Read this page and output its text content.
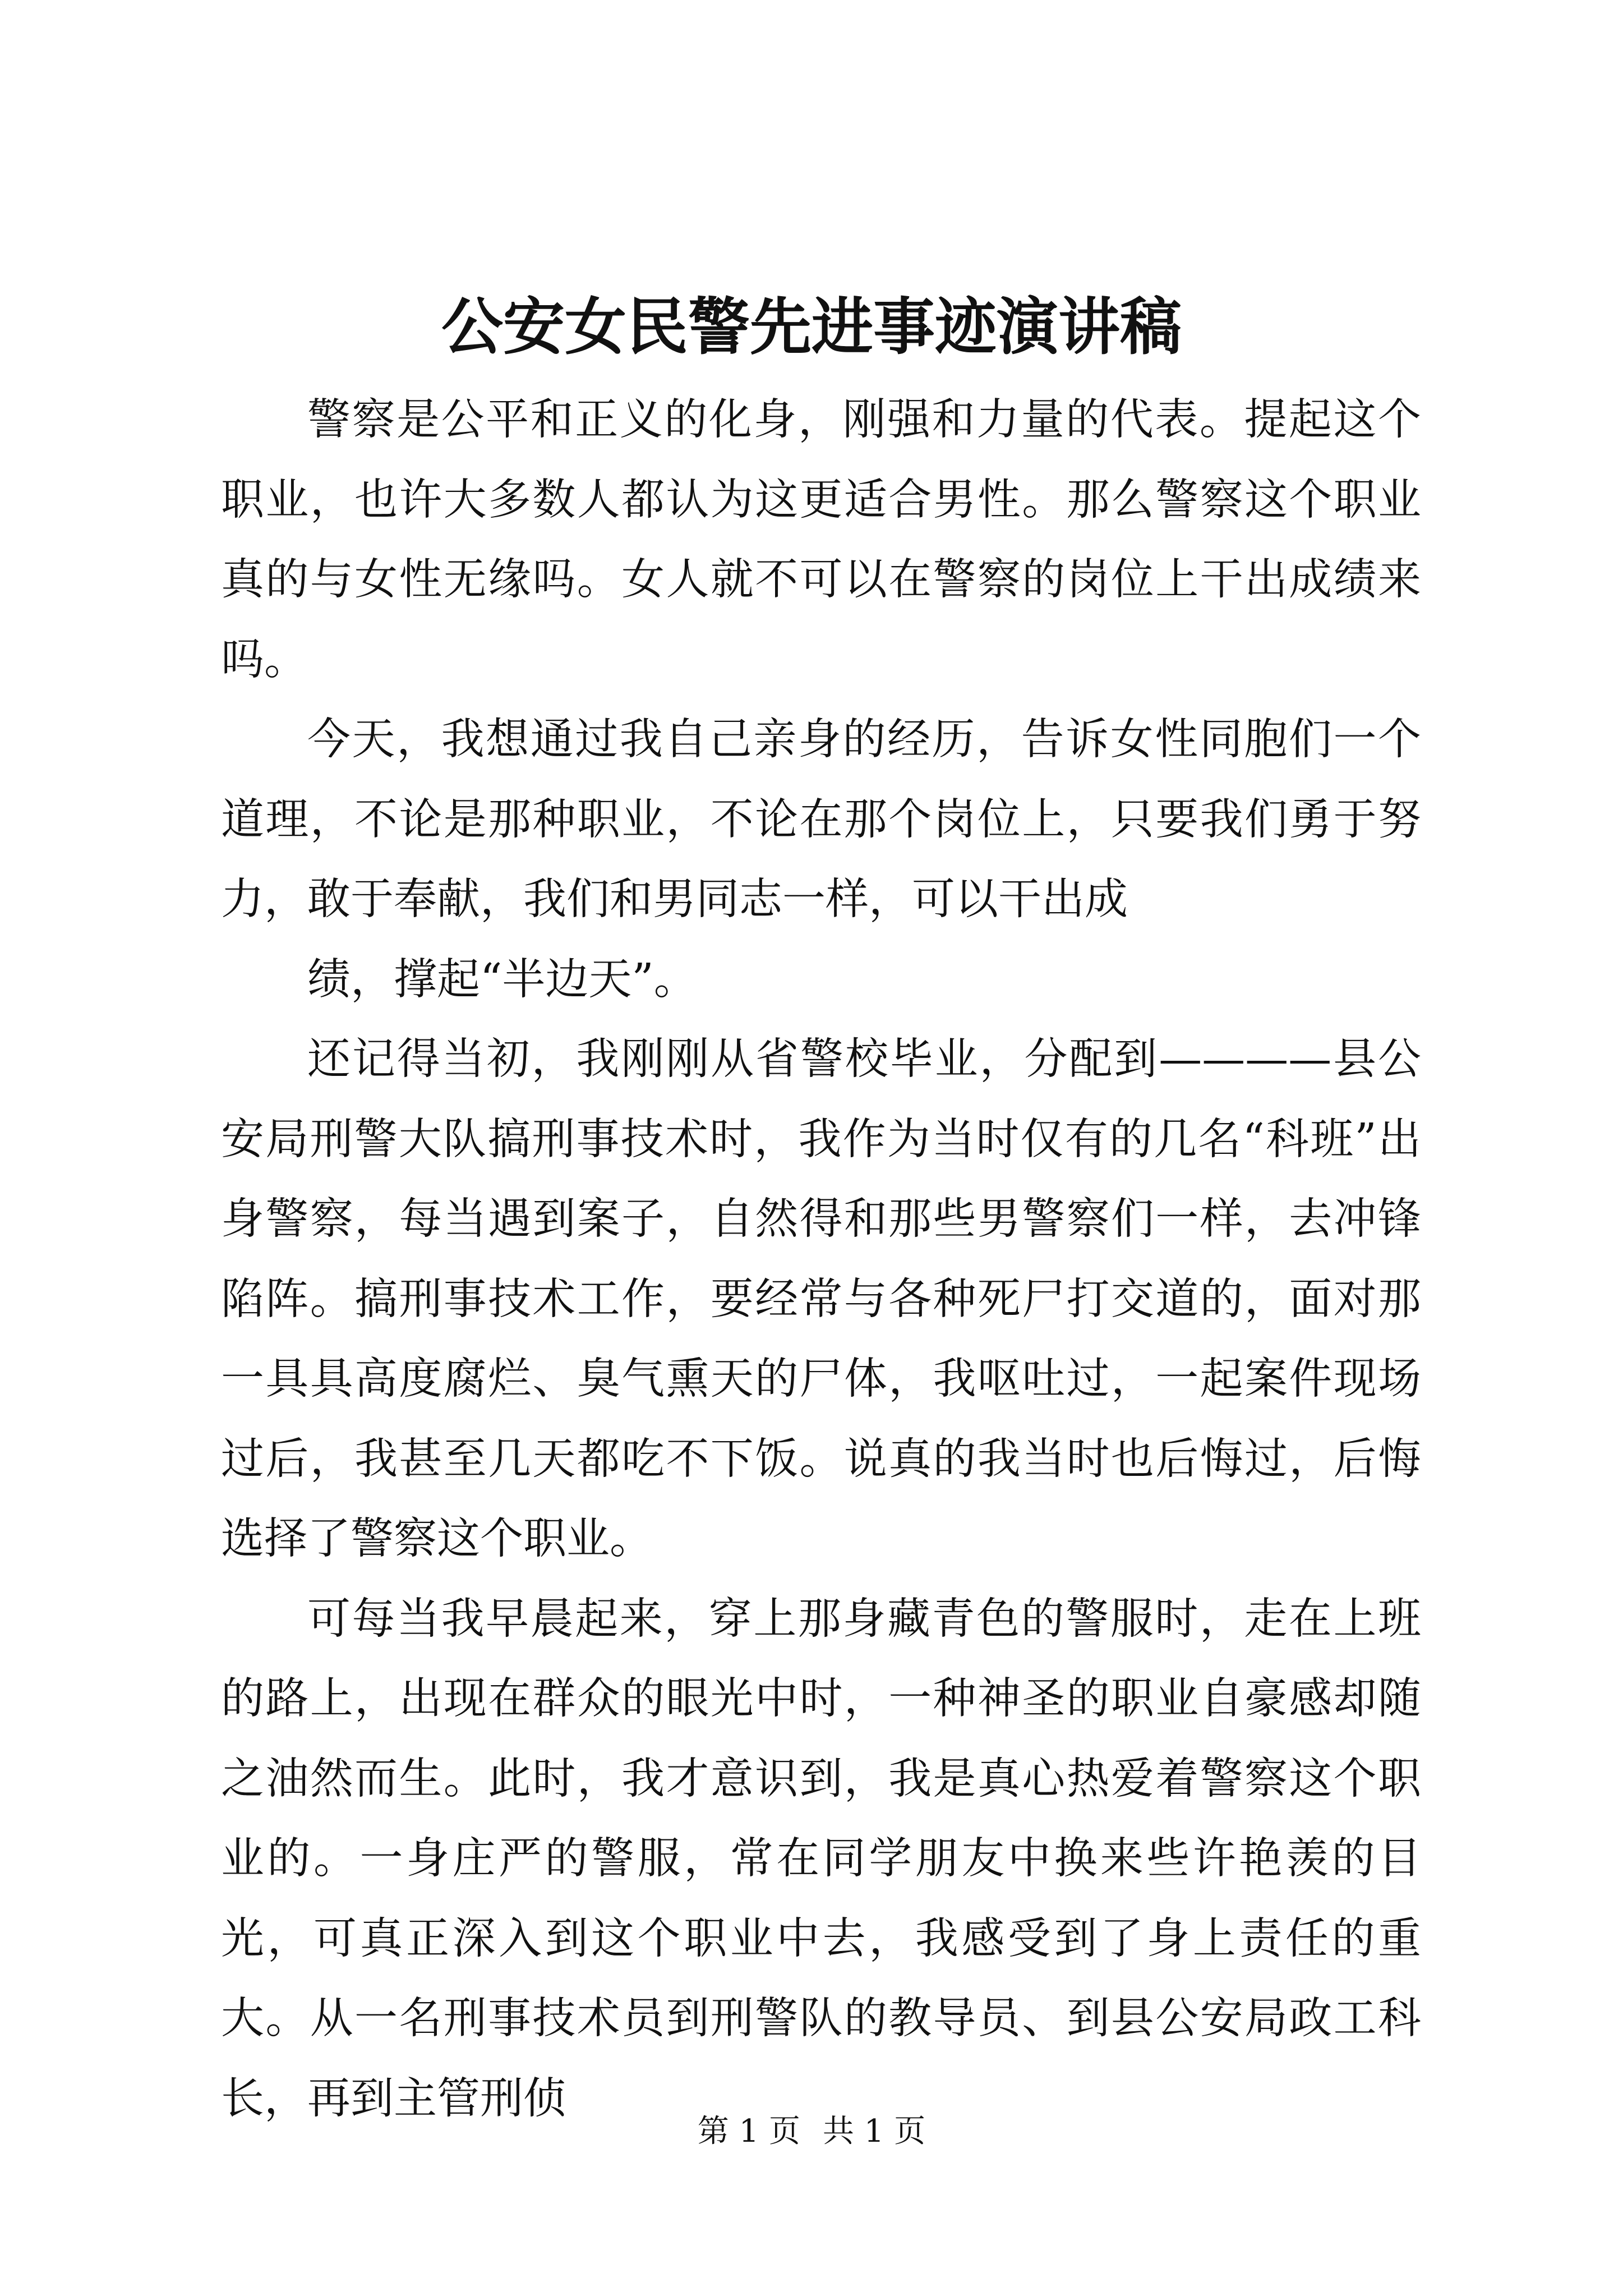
公安女民警先进事迹演讲稿

警察是公平和正义的化身，刚强和力量的代表。提起这个职业，也许大多数人都认为这更适合男性。那么警察这个职业真的与女性无缘吗。女人就不可以在警察的岗位上干出成绩来吗。

今天，我想通过我自己亲身的经历，告诉女性同胞们一个道理，不论是那种职业，不论在那个岗位上，只要我们勇于努力，敢于奉献，我们和男同志一样，可以干出成

绩，撑起“半边天”。

还记得当初，我刚刚从省警校毕业，分配到————县公安局刑警大队搞刑事技术时，我作为当时仅有的几名“科班”出身警察，每当遇到案子，自然得和那些男警察们一样，去冲锋陷阵。搞刑事技术工作，要经常与各种死尸打交道的，面对那一具具高度腐烂、臭气熏天的尸体，我呕吐过，一起案件现场过后，我甚至几天都吃不下饭。说真的我当时也后悔过，后悔选择了警察这个职业。

可每当我早晨起来，穿上那身藏青色的警服时，走在上班的路上，出现在群众的眼光中时，一种神圣的职业自豪感却随之油然而生。此时，我才意识到，我是真心热爱着警察这个职业的。一身庄严的警服，常在同学朋友中换来些许艳羡的目光，可真正深入到这个职业中去，我感受到了身上责任的重大。从一名刑事技术员到刑警队的教导员、到县公安局政工科长，再到主管刑侦

第 1 页 共 1 页
